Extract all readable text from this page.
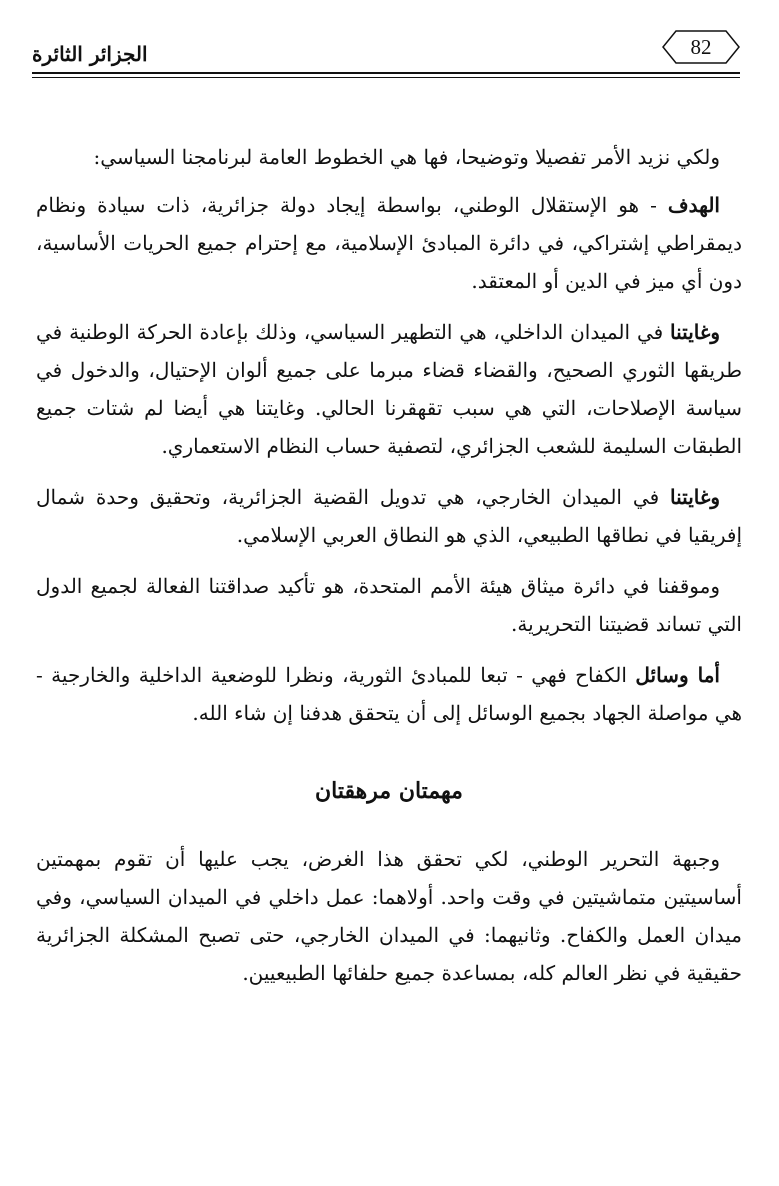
الجزائر الثائرة	82

ولكي نزيد الأمر تفصيلا وتوضيحا، فها هي الخطوط العامة لبرنامجنا السياسي:

الهدف - هو الإستقلال الوطني، بواسطة إيجاد دولة جزائرية، ذات سيادة ونظام ديمقراطي إشتراكي، في دائرة المبادئ الإسلامية، مع إحترام جميع الحريات الأساسية، دون أي ميز في الدين أو المعتقد.

وغايتنا في الميدان الداخلي، هي التطهير السياسي، وذلك بإعادة الحركة الوطنية في طريقها الثوري الصحيح، والقضاء قضاء مبرما على جميع ألوان الإحتيال، والدخول في سياسة الإصلاحات، التي هي سبب تقهقرنا الحالي. وغايتنا هي أيضا لم شتات جميع الطبقات السليمة للشعب الجزائري، لتصفية حساب النظام الاستعماري.

وغايتنا في الميدان الخارجي، هي تدويل القضية الجزائرية، وتحقيق وحدة شمال إفريقيا في نطاقها الطبيعي، الذي هو النطاق العربي الإسلامي.

وموقفنا في دائرة ميثاق هيئة الأمم المتحدة، هو تأكيد صداقتنا الفعالة لجميع الدول التي تساند قضيتنا التحريرية.

أما وسائل الكفاح فهي - تبعا للمبادئ الثورية، ونظرا للوضعية الداخلية والخارجية - هي مواصلة الجهاد بجميع الوسائل إلى أن يتحقق هدفنا إن شاء الله.

مهمتان مرهقتان

وجبهة التحرير الوطني، لكي تحقق هذا الغرض، يجب عليها أن تقوم بمهمتين أساسيتين متماشيتين في وقت واحد. أولاهما: عمل داخلي في الميدان السياسي، وفي ميدان العمل والكفاح. وثانيهما: في الميدان الخارجي، حتى تصبح المشكلة الجزائرية حقيقية في نظر العالم كله، بمساعدة جميع حلفائها الطبيعيين.
